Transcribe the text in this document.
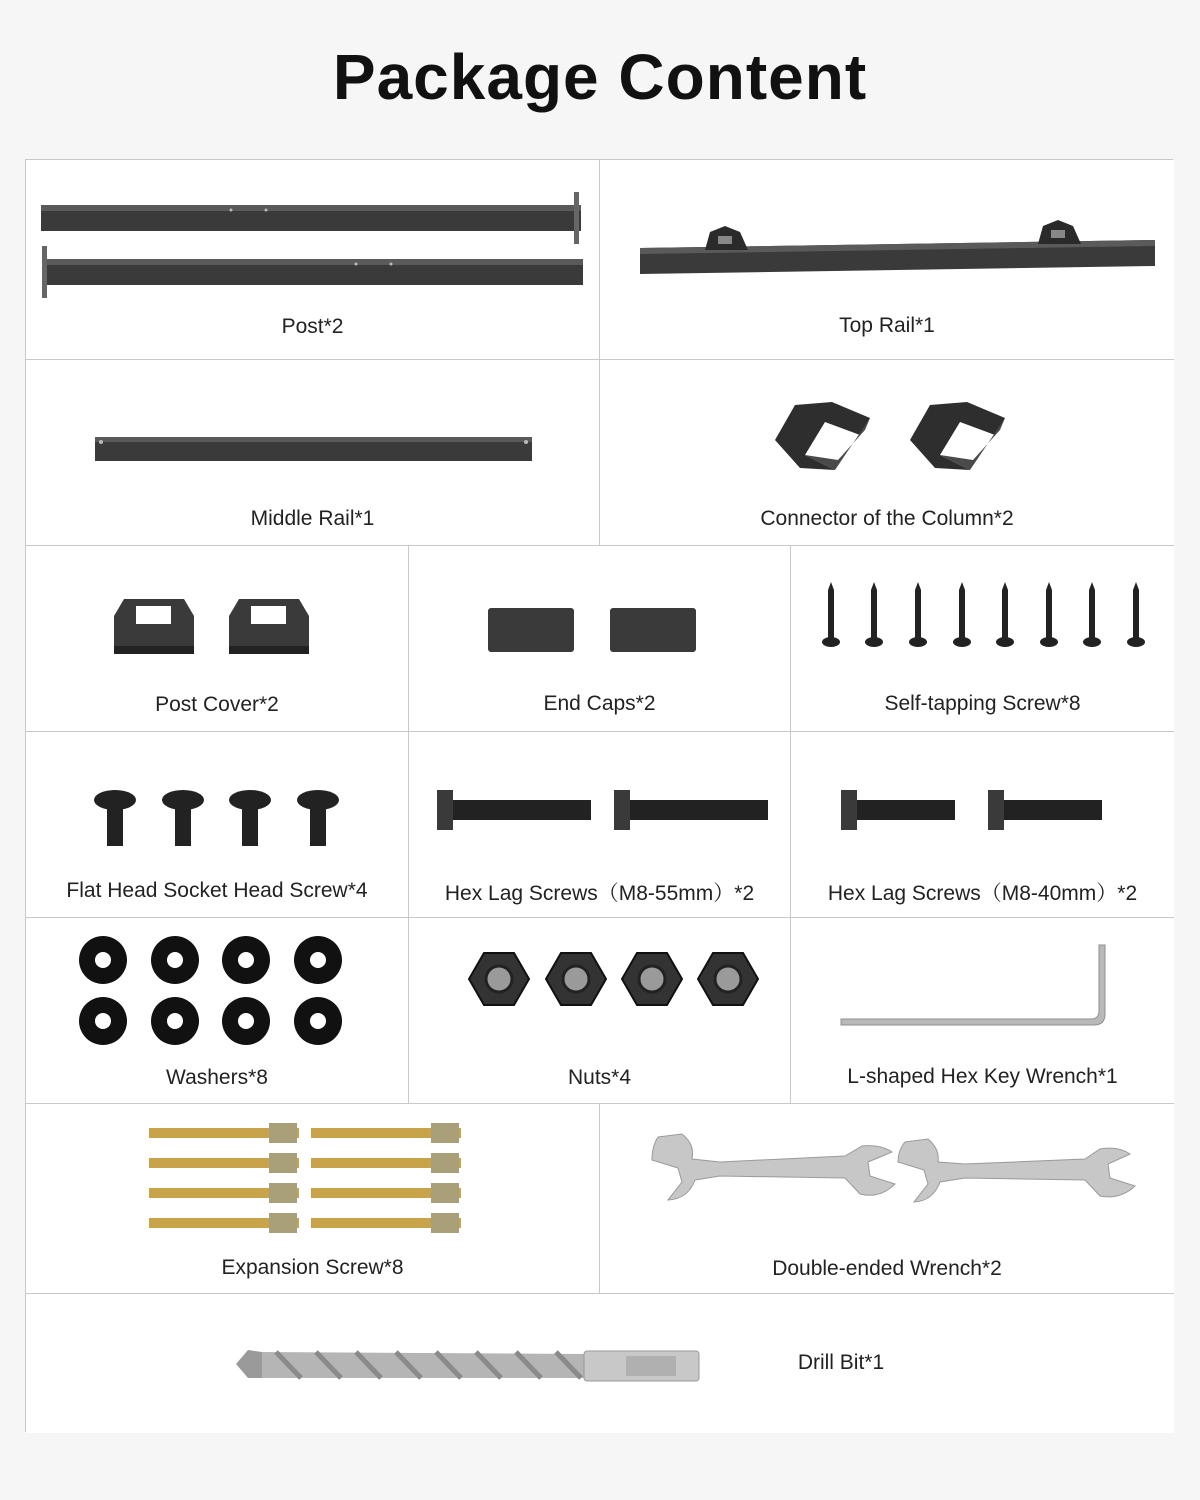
Package Content
Post*2	Top Rail*1
Middle Rail*1	Connector of the Column*2
Post Cover*2	End Caps*2	Self-tapping Screw*8
Flat Head Socket Head Screw*4	Hex Lag Screws（M8-55mm）*2	Hex Lag Screws（M8-40mm）*2
Washers*8	Nuts*4	L-shaped Hex Key Wrench*1
Expansion Screw*8	Double-ended Wrench*2
Drill Bit*1
